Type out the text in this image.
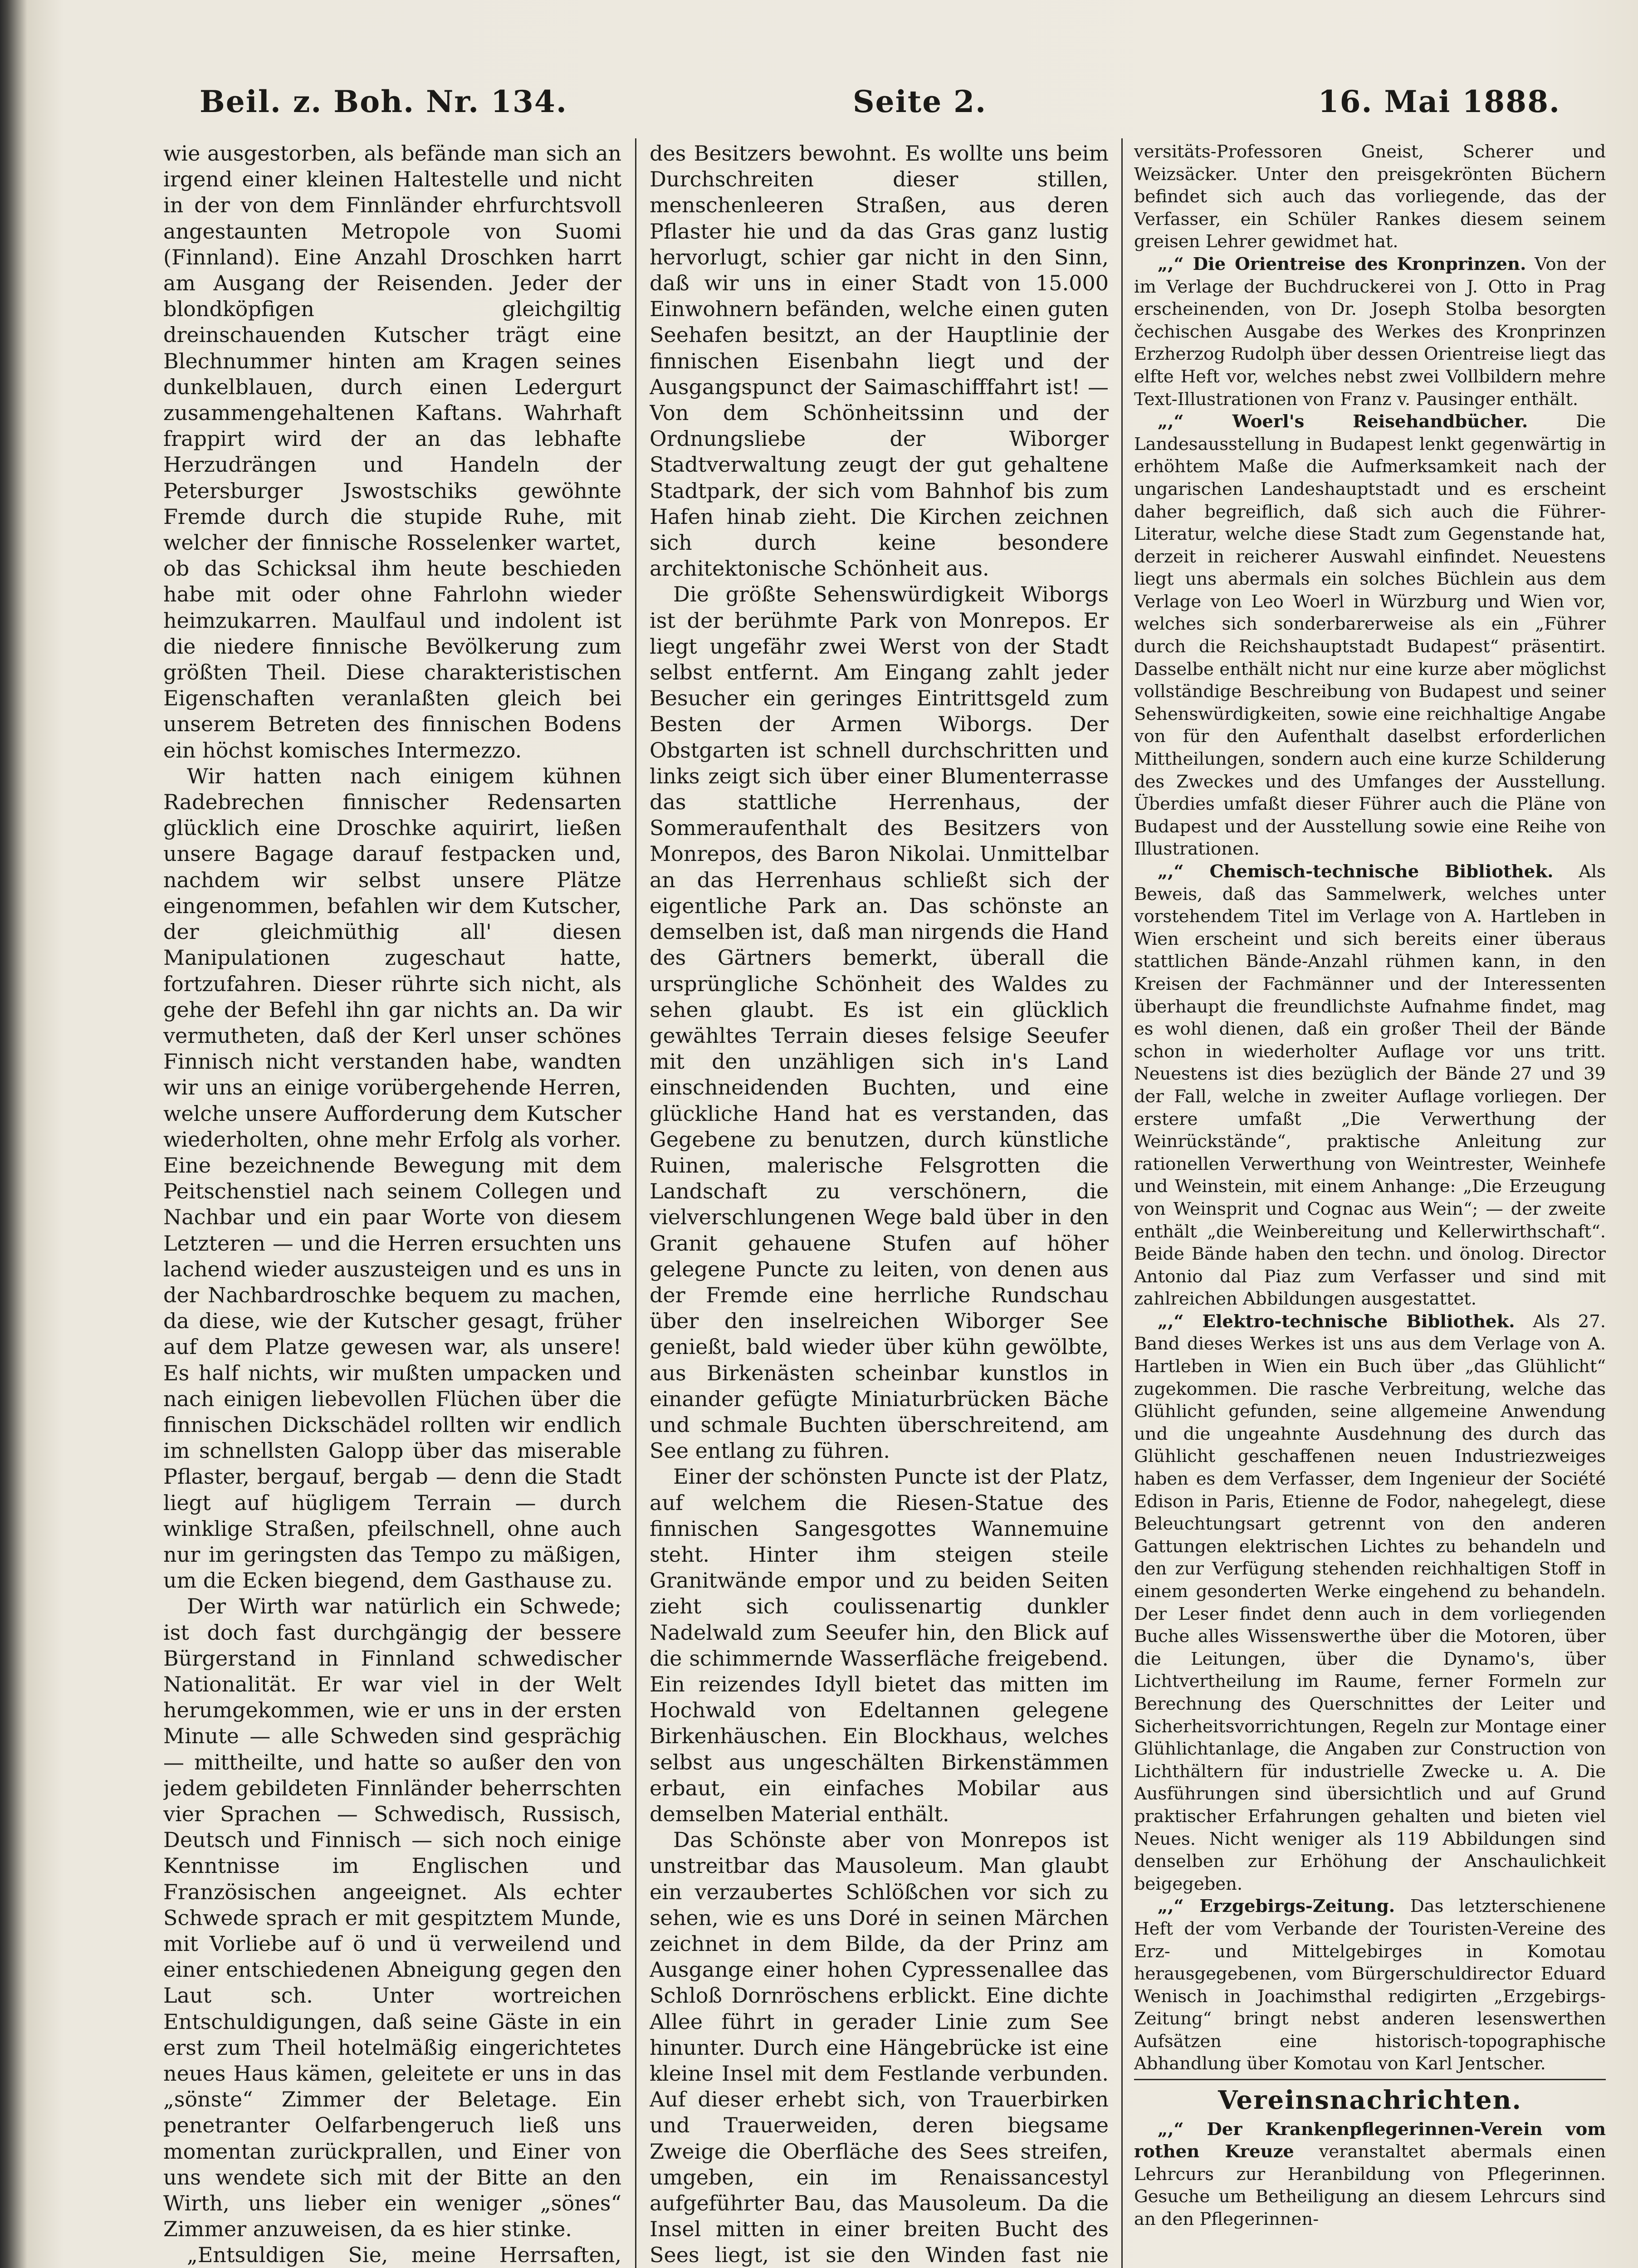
Beil. z. Boh. Nr. 134.	Seite 2.	16. Mai 1888.

wie ausgestorben, als befände man sich an irgend einer kleinen Haltestelle und nicht in der von dem Finnländer ehrfurchtsvoll angestaunten Metropole von Suomi (Finnland). Eine Anzahl Droschken harrt am Ausgang der Reisenden. Jeder der blondköpfigen gleichgiltig dreinschauenden Kutscher trägt eine Blechnummer hinten am Kragen seines dunkelblauen, durch einen Ledergurt zusammengehaltenen Kaftans. Wahrhaft frappirt wird der an das lebhafte Herzudrängen und Handeln der Petersburger Jswostschiks gewöhnte Fremde durch die stupide Ruhe, mit welcher der finnische Rosselenker wartet, ob das Schicksal ihm heute beschieden habe mit oder ohne Fahrlohn wieder heimzukarren. Maulfaul und indolent ist die niedere finnische Bevölkerung zum größten Theil. Diese charakteristischen Eigenschaften veranlaßten gleich bei unserem Betreten des finnischen Bodens ein höchst komisches Intermezzo.

Wir hatten nach einigem kühnen Radebrechen finnischer Redensarten glücklich eine Droschke aquirirt, ließen unsere Bagage darauf festpacken und, nachdem wir selbst unsere Plätze eingenommen, befahlen wir dem Kutscher, der gleichmüthig all' diesen Manipulationen zugeschaut hatte, fortzufahren. Dieser rührte sich nicht, als gehe der Befehl ihn gar nichts an. Da wir vermutheten, daß der Kerl unser schönes Finnisch nicht verstanden habe, wandten wir uns an einige vorübergehende Herren, welche unsere Aufforderung dem Kutscher wiederholten, ohne mehr Erfolg als vorher. Eine bezeichnende Bewegung mit dem Peitschenstiel nach seinem Collegen und Nachbar und ein paar Worte von diesem Letzteren — und die Herren ersuchten uns lachend wieder auszusteigen und es uns in der Nachbardroschke bequem zu machen, da diese, wie der Kutscher gesagt, früher auf dem Platze gewesen war, als unsere! Es half nichts, wir mußten umpacken und nach einigen liebevollen Flüchen über die finnischen Dickschädel rollten wir endlich im schnellsten Galopp über das miserable Pflaster, bergauf, bergab — denn die Stadt liegt auf hügligem Terrain — durch winklige Straßen, pfeilschnell, ohne auch nur im geringsten das Tempo zu mäßigen, um die Ecken biegend, dem Gasthause zu.

Der Wirth war natürlich ein Schwede; ist doch fast durchgängig der bessere Bürgerstand in Finnland schwedischer Nationalität. Er war viel in der Welt herumgekommen, wie er uns in der ersten Minute — alle Schweden sind gesprächig — mittheilte, und hatte so außer den von jedem gebildeten Finnländer beherrschten vier Sprachen — Schwedisch, Russisch, Deutsch und Finnisch — sich noch einige Kenntnisse im Englischen und Französischen angeeignet. Als echter Schwede sprach er mit gespitztem Munde, mit Vorliebe auf ö und ü verweilend und einer entschiedenen Abneigung gegen den Laut sch. Unter wortreichen Entschuldigungen, daß seine Gäste in ein erst zum Theil hotelmäßig eingerichtetes neues Haus kämen, geleitete er uns in das „sönste“ Zimmer der Beletage. Ein penetranter Oelfarbengeruch ließ uns momentan zurückprallen, und Einer von uns wendete sich mit der Bitte an den Wirth, uns lieber ein weniger „sönes“ Zimmer anzuweisen, da es hier stinke.

„Entsuldigen Sie, meine Herrsaften,

des Besitzers bewohnt. Es wollte uns beim Durchschreiten dieser stillen, menschenleeren Straßen, aus deren Pflaster hie und da das Gras ganz lustig hervorlugt, schier gar nicht in den Sinn, daß wir uns in einer Stadt von 15.000 Einwohnern befänden, welche einen guten Seehafen besitzt, an der Hauptlinie der finnischen Eisenbahn liegt und der Ausgangspunct der Saimaschifffahrt ist! — Von dem Schönheitssinn und der Ordnungsliebe der Wiborger Stadtverwaltung zeugt der gut gehaltene Stadtpark, der sich vom Bahnhof bis zum Hafen hinab zieht. Die Kirchen zeichnen sich durch keine besondere architektonische Schönheit aus.

Die größte Sehenswürdigkeit Wiborgs ist der berühmte Park von Monrepos. Er liegt ungefähr zwei Werst von der Stadt selbst entfernt. Am Eingang zahlt jeder Besucher ein geringes Eintrittsgeld zum Besten der Armen Wiborgs. Der Obstgarten ist schnell durchschritten und links zeigt sich über einer Blumenterrasse das stattliche Herrenhaus, der Sommeraufenthalt des Besitzers von Monrepos, des Baron Nikolai. Unmittelbar an das Herrenhaus schließt sich der eigentliche Park an. Das schönste an demselben ist, daß man nirgends die Hand des Gärtners bemerkt, überall die ursprüngliche Schönheit des Waldes zu sehen glaubt. Es ist ein glücklich gewähltes Terrain dieses felsige Seeufer mit den unzähligen sich in's Land einschneidenden Buchten, und eine glückliche Hand hat es verstanden, das Gegebene zu benutzen, durch künstliche Ruinen, malerische Felsgrotten die Landschaft zu verschönern, die vielverschlungenen Wege bald über in den Granit gehauene Stufen auf höher gelegene Puncte zu leiten, von denen aus der Fremde eine herrliche Rundschau über den inselreichen Wiborger See genießt, bald wieder über kühn gewölbte, aus Birkenästen scheinbar kunstlos in einander gefügte Miniaturbrücken Bäche und schmale Buchten überschreitend, am See entlang zu führen.

Einer der schönsten Puncte ist der Platz, auf welchem die Riesen-Statue des finnischen Sangesgottes Wannemuine steht. Hinter ihm steigen steile Granitwände empor und zu beiden Seiten zieht sich coulissenartig dunkler Nadelwald zum Seeufer hin, den Blick auf die schimmernde Wasserfläche freigebend. Ein reizendes Idyll bietet das mitten im Hochwald von Edeltannen gelegene Birkenhäuschen. Ein Blockhaus, welches selbst aus ungeschälten Birkenstämmen erbaut, ein einfaches Mobilar aus demselben Material enthält.

Das Schönste aber von Monrepos ist unstreitbar das Mausoleum. Man glaubt ein verzaubertes Schlößchen vor sich zu sehen, wie es uns Doré in seinen Märchen zeichnet in dem Bilde, da der Prinz am Ausgange einer hohen Cypressenallee das Schloß Dornröschens erblickt. Eine dichte Allee führt in gerader Linie zum See hinunter. Durch eine Hängebrücke ist eine kleine Insel mit dem Festlande verbunden. Auf dieser erhebt sich, von Trauerbirken und Trauerweiden, deren biegsame Zweige die Oberfläche des Sees streifen, umgeben, ein im Renaissancestyl aufgeführter Bau, das Mausoleum. Da die Insel mitten in einer breiten Bucht des Sees liegt, ist sie den Winden fast nie

versitäts-Professoren Gneist, Scherer und Weizsäcker. Unter den preisgekrönten Büchern befindet sich auch das vorliegende, das der Verfasser, ein Schüler Rankes diesem seinem greisen Lehrer gewidmet hat.

„,“ Die Orientreise des Kronprinzen. Von der im Verlage der Buchdruckerei von J. Otto in Prag erscheinenden, von Dr. Joseph Stolba besorgten čechischen Ausgabe des Werkes des Kronprinzen Erzherzog Rudolph über dessen Orientreise liegt das elfte Heft vor, welches nebst zwei Vollbildern mehre Text-Illustrationen von Franz v. Pausinger enthält.

„,“ Woerl's Reisehandbücher.	Die Landesausstellung in Budapest lenkt gegenwärtig in erhöhtem Maße die Aufmerksamkeit nach der ungarischen Landeshauptstadt und es erscheint daher begreiflich, daß sich auch die Führer-Literatur, welche diese Stadt zum Gegenstande hat, derzeit in reicherer Auswahl einfindet. Neuestens liegt uns abermals ein solches Büchlein aus dem Verlage von Leo Woerl in Würzburg und Wien vor, welches sich sonderbarerweise als ein „Führer durch die Reichshauptstadt Budapest“ präsentirt. Dasselbe enthält nicht nur eine kurze aber möglichst vollständige Beschreibung von Budapest und seiner Sehenswürdigkeiten, sowie eine reichhaltige Angabe von für den Aufenthalt daselbst erforderlichen Mittheilungen, sondern auch eine kurze Schilderung des Zweckes und des Umfanges der Ausstellung. Überdies umfaßt dieser Führer auch die Pläne von Budapest und der Ausstellung sowie eine Reihe von Illustrationen.

„,“ Chemisch-technische Bibliothek. Als Beweis, daß das Sammelwerk, welches unter vorstehendem Titel im Verlage von A. Hartleben in Wien erscheint und sich bereits einer überaus stattlichen Bände-Anzahl rühmen kann, in den Kreisen der Fachmänner und der Interessenten überhaupt die freundlichste Aufnahme findet, mag es wohl dienen, daß ein großer Theil der Bände schon in wiederholter Auflage vor uns tritt. Neuestens ist dies bezüglich der Bände 27 und 39 der Fall, welche in zweiter Auflage vorliegen. Der erstere umfaßt „Die Verwerthung der Weinrückstände“, praktische Anleitung zur rationellen Verwerthung von Weintrester, Weinhefe und Weinstein, mit einem Anhange: „Die Erzeugung von Weinsprit und Cognac aus Wein“; — der zweite enthält „die Weinbereitung und Kellerwirthschaft“. Beide Bände haben den techn. und önolog. Director Antonio dal Piaz zum Verfasser und sind mit zahlreichen Abbildungen ausgestattet.

„,“ Elektro-technische Bibliothek. Als 27. Band dieses Werkes ist uns aus dem Verlage von A. Hartleben in Wien ein Buch über „das Glühlicht“ zugekommen. Die rasche Verbreitung, welche das Glühlicht gefunden, seine allgemeine Anwendung und die ungeahnte Ausdehnung des durch das Glühlicht geschaffenen neuen Industriezweiges haben es dem Verfasser, dem Ingenieur der Société Edison in Paris, Etienne de Fodor, nahegelegt, diese Beleuchtungsart getrennt von den anderen Gattungen elektrischen Lichtes zu behandeln und den zur Verfügung stehenden reichhaltigen Stoff in einem gesonderten Werke eingehend zu behandeln. Der Leser findet denn auch in dem vorliegenden Buche alles Wissenswerthe über die Motoren, über die Leitungen, über die Dynamo's, über Lichtvertheilung im Raume, ferner Formeln zur Berechnung des Querschnittes der Leiter und Sicherheitsvorrichtungen, Regeln zur Montage einer Glühlichtanlage, die Angaben zur Construction von Lichthältern für industrielle Zwecke u. A. Die Ausführungen sind übersichtlich und auf Grund praktischer Erfahrungen gehalten und bieten viel Neues. Nicht weniger als 119 Abbildungen sind denselben zur Erhöhung der Anschaulichkeit beigegeben.

„,“ Erzgebirgs-Zeitung. Das letzterschienene Heft der vom Verbande der Touristen-Vereine des Erz- und Mittelgebirges in Komotau herausgegebenen, vom Bürgerschuldirector Eduard Wenisch in Joachimsthal redigirten „Erzgebirgs-Zeitung“ bringt nebst anderen lesenswerthen Aufsätzen eine historisch-topographische Abhandlung über Komotau von Karl Jentscher.

Vereinsnachrichten.

„,“ Der Krankenpflegerinnen-Verein vom rothen Kreuze veranstaltet abermals einen Lehrcurs zur Heranbildung von Pflegerinnen. Gesuche um Betheiligung an diesem Lehrcurs sind an den Pflegerinnen-
